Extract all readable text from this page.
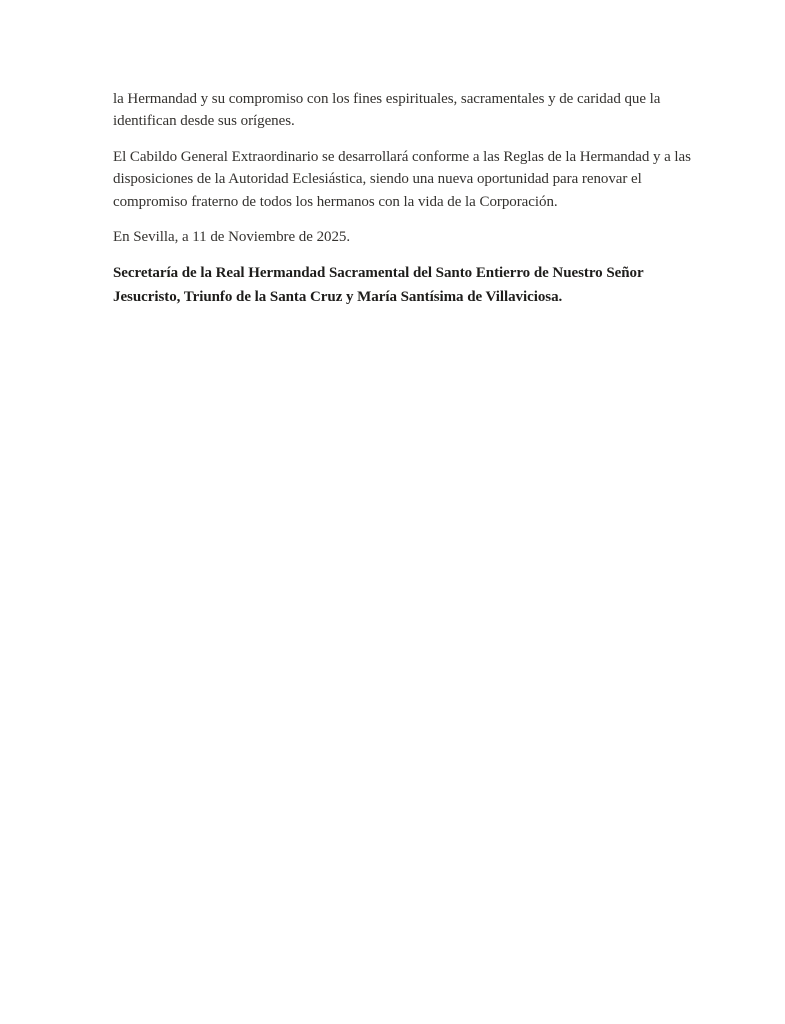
la Hermandad y su compromiso con los fines espirituales, sacramentales y de caridad que la identifican desde sus orígenes.

El Cabildo General Extraordinario se desarrollará conforme a las Reglas de la Hermandad y a las disposiciones de la Autoridad Eclesiástica, siendo una nueva oportunidad para renovar el compromiso fraterno de todos los hermanos con la vida de la Corporación.

En Sevilla, a 11 de Noviembre de 2025.

Secretaría de la Real Hermandad Sacramental del Santo Entierro de Nuestro Señor Jesucristo, Triunfo de la Santa Cruz y María Santísima de Villaviciosa.
